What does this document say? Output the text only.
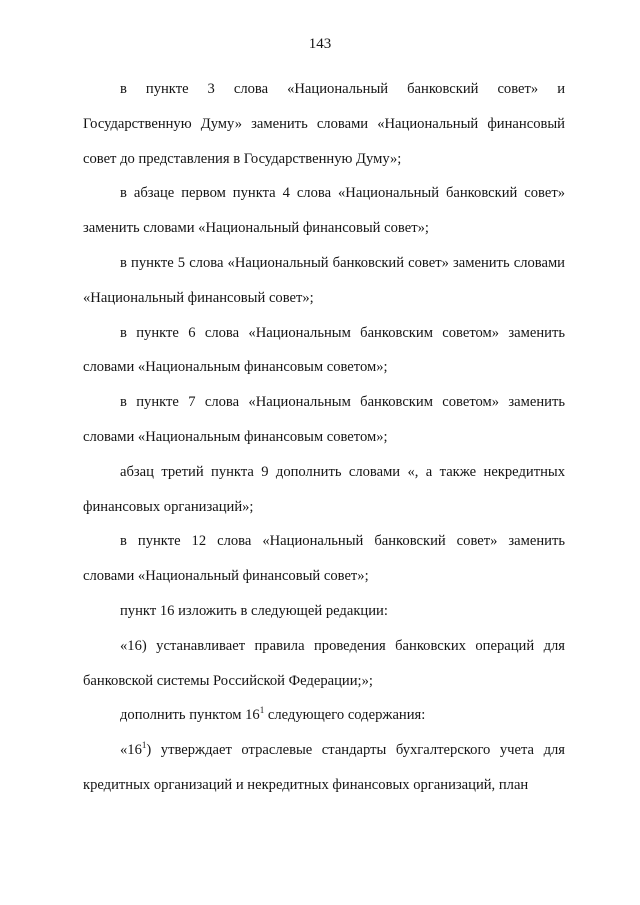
143

в пункте 3 слова «Национальный банковский совет» и Государственную Думу» заменить словами «Национальный финансовый совет до представления в Государственную Думу»;

в абзаце первом пункта 4 слова «Национальный банковский совет» заменить словами «Национальный финансовый совет»;

в пункте 5 слова «Национальный банковский совет» заменить словами «Национальный финансовый совет»;

в пункте 6 слова «Национальным банковским советом» заменить словами «Национальным финансовым советом»;

в пункте 7 слова «Национальным банковским советом» заменить словами «Национальным финансовым советом»;

абзац третий пункта 9 дополнить словами «, а также некредитных финансовых организаций»;

в пункте 12 слова «Национальный банковский совет» заменить словами «Национальный финансовый совет»;

пункт 16 изложить в следующей редакции:

«16) устанавливает правила проведения банковских операций для банковской системы Российской Федерации;»;

дополнить пунктом $16^1$ следующего содержания:

«$16^1$) утверждает отраслевые стандарты бухгалтерского учета для кредитных организаций и некредитных финансовых организаций, план
